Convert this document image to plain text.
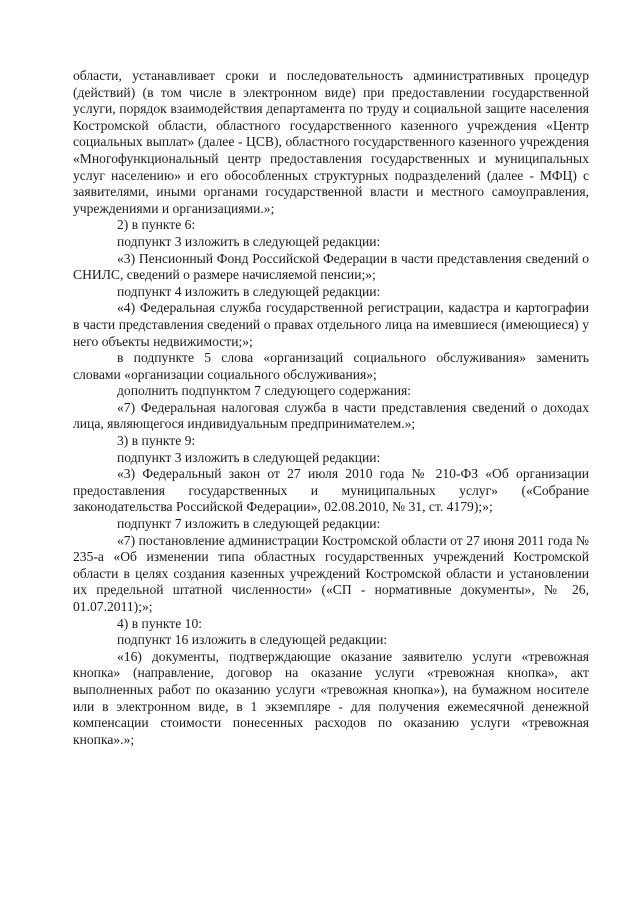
области, устанавливает сроки и последовательность административных процедур (действий) (в том числе в электронном виде) при предоставлении государственной услуги, порядок взаимодействия департамента по труду и социальной защите населения Костромской области, областного государственного казенного учреждения «Центр социальных выплат» (далее - ЦСВ), областного государственного казенного учреждения «Многофункциональный центр предоставления государственных и муниципальных услуг населению» и его обособленных структурных подразделений (далее - МФЦ) с заявителями, иными органами государственной власти и местного самоуправления, учреждениями и организациями.»;

2) в пункте 6:

подпункт 3 изложить в следующей редакции:

«3) Пенсионный Фонд Российской Федерации в части представления сведений о СНИЛС, сведений о размере начисляемой пенсии;»;

подпункт 4 изложить в следующей редакции:

«4) Федеральная служба государственной регистрации, кадастра и картографии в части представления сведений о правах отдельного лица на имевшиеся (имеющиеся) у него объекты недвижимости;»;

в подпункте 5 слова «организаций социального обслуживания» заменить словами «организации социального обслуживания»;

дополнить подпунктом 7 следующего содержания:

«7) Федеральная налоговая служба в части представления сведений о доходах лица, являющегося индивидуальным предпринимателем.»;

3) в пункте 9:

подпункт 3 изложить в следующей редакции:

«3) Федеральный закон от 27 июля 2010 года № 210-ФЗ «Об организации предоставления государственных и муниципальных услуг» («Собрание законодательства Российской Федерации», 02.08.2010, № 31, ст. 4179);»;

подпункт 7 изложить в следующей редакции:

«7) постановление администрации Костромской области от 27 июня 2011 года № 235-а «Об изменении типа областных государственных учреждений Костромской области в целях создания казенных учреждений Костромской области и установлении их предельной штатной численности» («СП - нормативные документы», № 26, 01.07.2011);»;

4) в пункте 10:

подпункт 16 изложить в следующей редакции:

«16) документы, подтверждающие оказание заявителю услуги «тревожная кнопка» (направление, договор на оказание услуги «тревожная кнопка», акт выполненных работ по оказанию услуги «тревожная кнопка»), на бумажном носителе или в электронном виде, в 1 экземпляре - для получения ежемесячной денежной компенсации стоимости понесенных расходов по оказанию услуги «тревожная кнопка».»;
